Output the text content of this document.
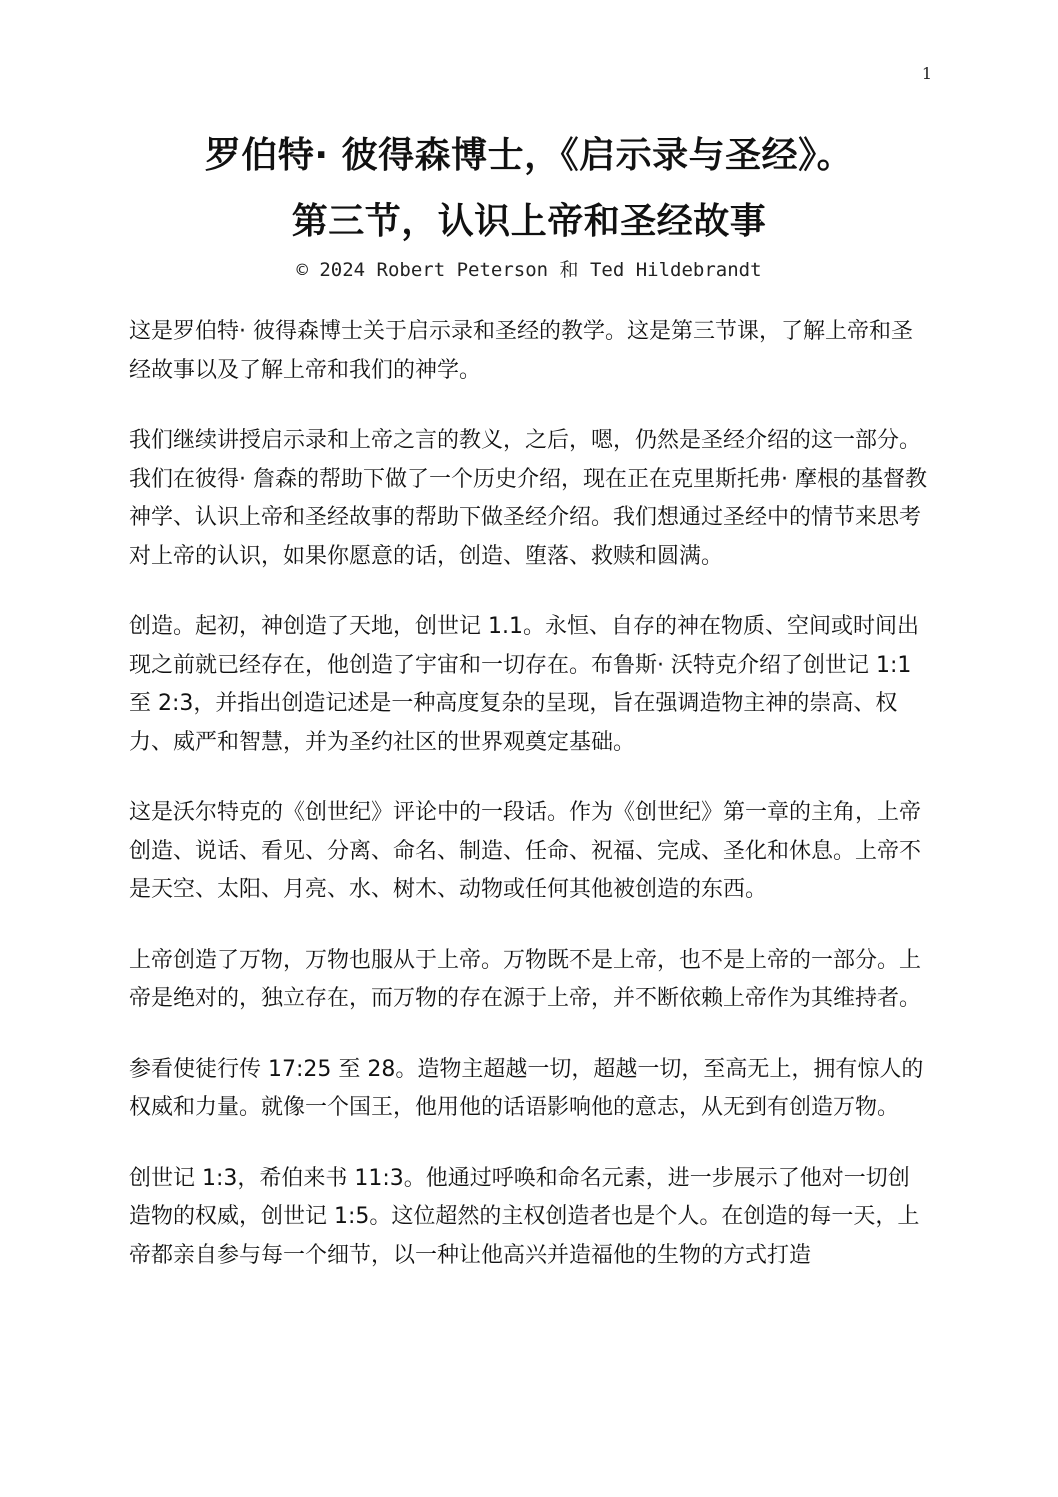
1
罗伯特· 彼得森博士，《启示录与圣经》。
第三节，认识上帝和圣经故事
© 2024 Robert Peterson 和 Ted Hildebrandt

这是罗伯特· 彼得森博士关于启示录和圣经的教学。这是第三节课，了解上帝和圣经故事以及了解上帝和我们的神学。

我们继续讲授启示录和上帝之言的教义，之后，嗯，仍然是圣经介绍的这一部分。我们在彼得· 詹森的帮助下做了一个历史介绍，现在正在克里斯托弗· 摩根的基督教神学、认识上帝和圣经故事的帮助下做圣经介绍。我们想通过圣经中的情节来思考对上帝的认识，如果你愿意的话，创造、堕落、救赎和圆满。

创造。起初，神创造了天地，创世记 1.1。永恒、自存的神在物质、空间或时间出现之前就已经存在，他创造了宇宙和一切存在。布鲁斯· 沃特克介绍了创世记 1:1 至 2:3，并指出创造记述是一种高度复杂的呈现，旨在强调造物主神的崇高、权力、威严和智慧，并为圣约社区的世界观奠定基础。

这是沃尔特克的《创世纪》评论中的一段话。作为《创世纪》第一章的主角，上帝创造、说话、看见、分离、命名、制造、任命、祝福、完成、圣化和休息。上帝不是天空、太阳、月亮、水、树木、动物或任何其他被创造的东西。

上帝创造了万物，万物也服从于上帝。万物既不是上帝，也不是上帝的一部分。上帝是绝对的，独立存在，而万物的存在源于上帝，并不断依赖上帝作为其维持者。

参看使徒行传 17:25 至 28。造物主超越一切，超越一切，至高无上，拥有惊人的权威和力量。就像一个国王，他用他的话语影响他的意志，从无到有创造万物。

创世记 1:3，希伯来书 11:3。他通过呼唤和命名元素，进一步展示了他对一切创造物的权威，创世记 1:5。这位超然的主权创造者也是个人。在创造的每一天，上帝都亲自参与每一个细节，以一种让他高兴并造福他的生物的方式打造
